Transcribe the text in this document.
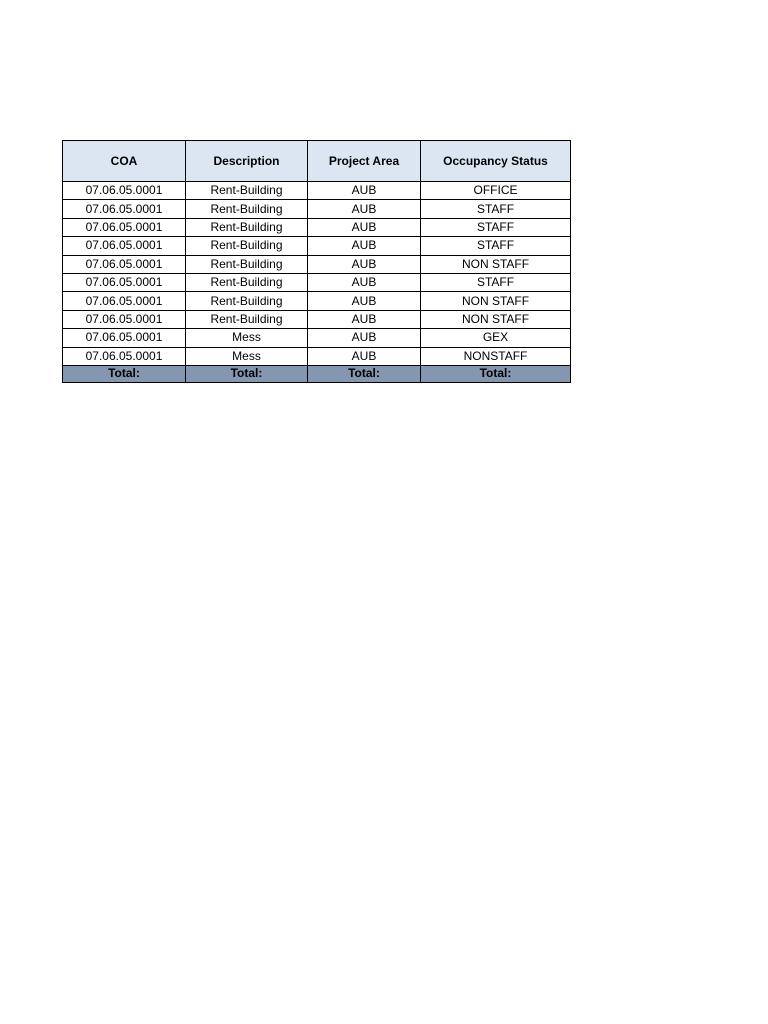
COA	Description	Project Area	Occupancy Status
07.06.05.0001	Rent-Building	AUB	OFFICE
07.06.05.0001	Rent-Building	AUB	STAFF
07.06.05.0001	Rent-Building	AUB	STAFF
07.06.05.0001	Rent-Building	AUB	STAFF
07.06.05.0001	Rent-Building	AUB	NON STAFF
07.06.05.0001	Rent-Building	AUB	STAFF
07.06.05.0001	Rent-Building	AUB	NON STAFF
07.06.05.0001	Rent-Building	AUB	NON STAFF
07.06.05.0001	Mess	AUB	GEX
07.06.05.0001	Mess	AUB	NONSTAFF
Total:	Total:	Total:	Total:
